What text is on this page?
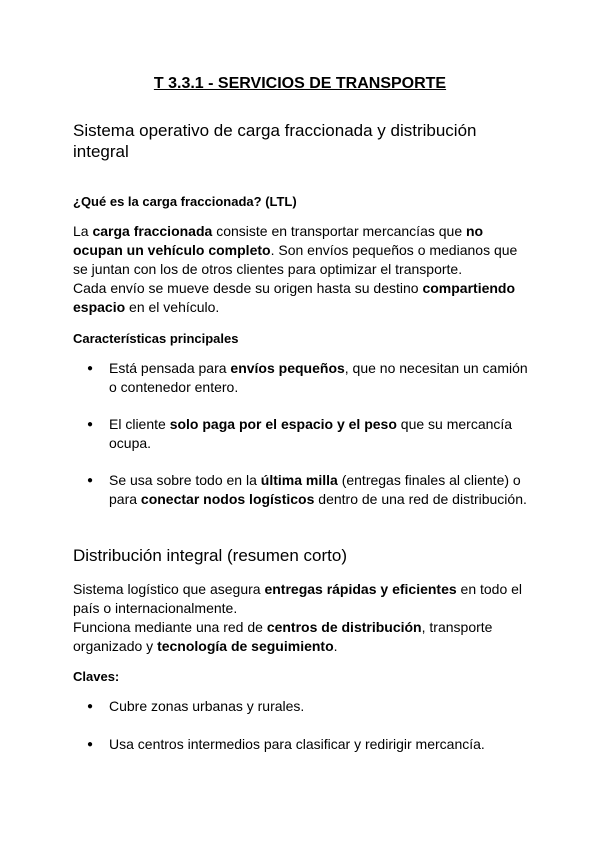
T 3.3.1 - SERVICIOS DE TRANSPORTE
Sistema operativo de carga fraccionada y distribución integral
¿Qué es la carga fraccionada? (LTL)

La carga fraccionada consiste en transportar mercancías que no ocupan un vehículo completo. Son envíos pequeños o medianos que se juntan con los de otros clientes para optimizar el transporte.

Cada envío se mueve desde su origen hasta su destino compartiendo espacio en el vehículo.

Características principales
●	Está pensada para envíos pequeños, que no necesitan un camión o contenedor entero.
●	El cliente solo paga por el espacio y el peso que su mercancía ocupa.
●	Se usa sobre todo en la última milla (entregas finales al cliente) o para conectar nodos logísticos dentro de una red de distribución.
Distribución integral (resumen corto)

Sistema logístico que asegura entregas rápidas y eficientes en todo el país o internacionalmente.

Funciona mediante una red de centros de distribución, transporte organizado y tecnología de seguimiento.

Claves:
●	Cubre zonas urbanas y rurales.
●	Usa centros intermedios para clasificar y redirigir mercancía.
